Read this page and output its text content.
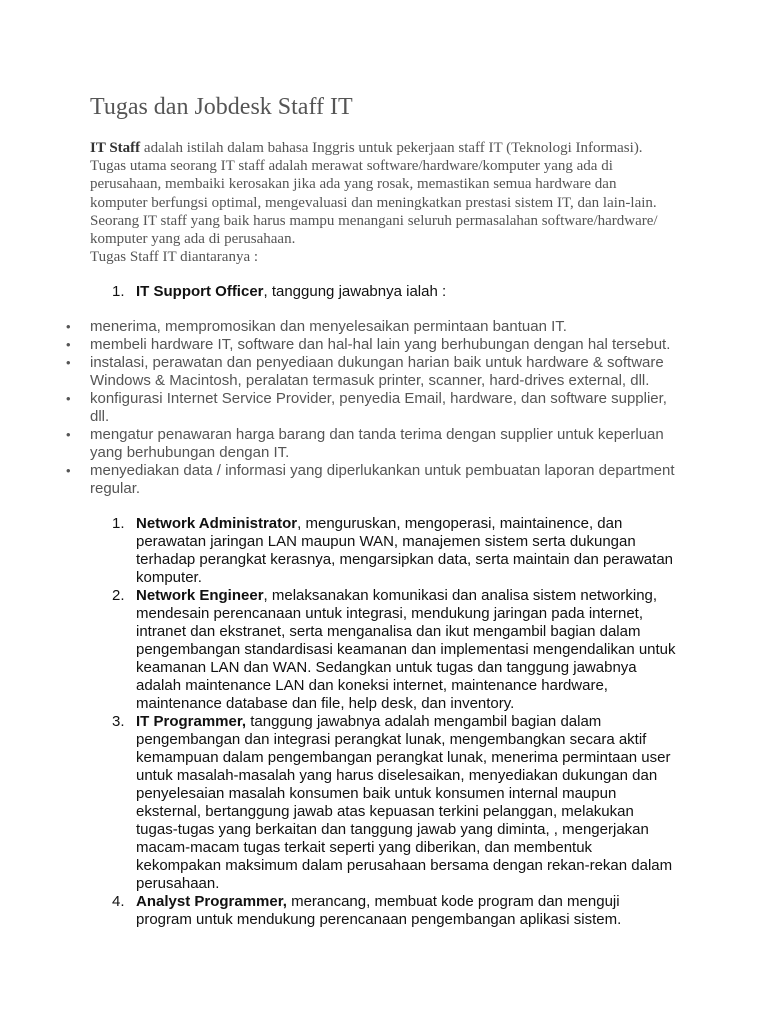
Tugas dan Jobdesk Staff IT
IT Staff adalah istilah dalam bahasa Inggris untuk pekerjaan staff IT (Teknologi Informasi).
Tugas utama seorang IT staff adalah merawat software/hardware/komputer yang ada di
perusahaan, membaiki kerosakan jika ada yang rosak, memastikan semua hardware dan
komputer berfungsi optimal, mengevaluasi dan meningkatkan prestasi sistem IT, dan lain-lain.
Seorang IT staff yang baik harus mampu menangani seluruh permasalahan software/hardware/
komputer yang ada di perusahaan.
Tugas Staff IT diantaranya :
1. IT Support Officer, tanggung jawabnya ialah :
• menerima, mempromosikan dan menyelesaikan permintaan bantuan IT.
• membeli hardware IT, software dan hal-hal lain yang berhubungan dengan hal tersebut.
• instalasi, perawatan dan penyediaan dukungan harian baik untuk hardware & software
Windows & Macintosh, peralatan termasuk printer, scanner, hard-drives external, dll.
• konfigurasi Internet Service Provider, penyedia Email, hardware, dan software supplier,
dll.
• mengatur penawaran harga barang dan tanda terima dengan supplier untuk keperluan
yang berhubungan dengan IT.
• menyediakan data / informasi yang diperlukankan untuk pembuatan laporan department
regular.
1. Network Administrator, menguruskan, mengoperasi, maintainence, dan
perawatan jaringan LAN maupun WAN, manajemen sistem serta dukungan
terhadap perangkat kerasnya, mengarsipkan data, serta maintain dan perawatan
komputer.
2. Network Engineer, melaksanakan komunikasi dan analisa sistem networking,
mendesain perencanaan untuk integrasi, mendukung jaringan pada internet,
intranet dan ekstranet, serta menganalisa dan ikut mengambil bagian dalam
pengembangan standardisasi keamanan dan implementasi mengendalikan untuk
keamanan LAN dan WAN. Sedangkan untuk tugas dan tanggung jawabnya
adalah maintenance LAN dan koneksi internet, maintenance hardware,
maintenance database dan file, help desk, dan inventory.
3. IT Programmer, tanggung jawabnya adalah mengambil bagian dalam
pengembangan dan integrasi perangkat lunak, mengembangkan secara aktif
kemampuan dalam pengembangan perangkat lunak, menerima permintaan user
untuk masalah-masalah yang harus diselesaikan, menyediakan dukungan dan
penyelesaian masalah konsumen baik untuk konsumen internal maupun
eksternal, bertanggung jawab atas kepuasan terkini pelanggan, melakukan
tugas-tugas yang berkaitan dan tanggung jawab yang diminta, , mengerjakan
macam-macam tugas terkait seperti yang diberikan, dan membentuk
kekompakan maksimum dalam perusahaan bersama dengan rekan-rekan dalam
perusahaan.
4. Analyst Programmer, merancang, membuat kode program dan menguji
program untuk mendukung perencanaan pengembangan aplikasi sistem.
